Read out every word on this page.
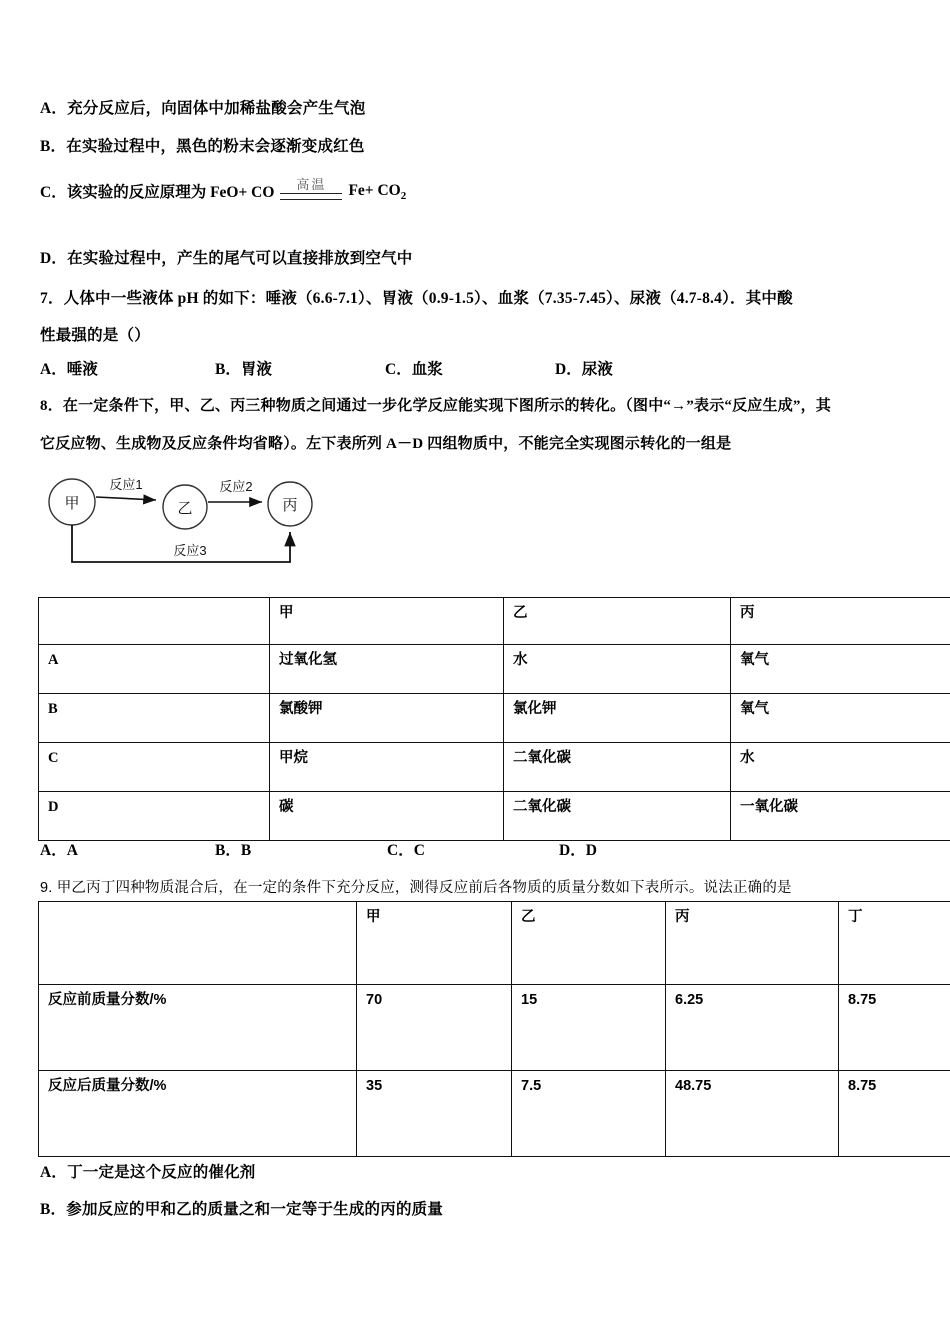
A．充分反应后，向固体中加稀盐酸会产生气泡
B．在实验过程中，黑色的粉末会逐渐变成红色
C．该实验的反应原理为 FeO+ CO 高温 $Fe+ CO_2$
D．在实验过程中，产生的尾气可以直接排放到空气中
7．人体中一些液体 pH 的如下：唾液（6.6‑7.1）、胃液（0.9‑1.5）、血浆（7.35‑7.45）、尿液（4.7‑8.4）．其中酸
性最强的是（）
A．唾液	B．胃液	C．血浆	D．尿液
8．在一定条件下，甲、乙、丙三种物质之间通过一步化学反应能实现下图所示的转化。（图中“→”表示“反应生成”，其
它反应物、生成物及反应条件均省略）。左下表所列 A－D 四组物质中，不能完全实现图示转化的一组是
甲	乙	丙
反应1	反应2
反应3
	甲	乙	丙
A	过氧化氢	水	氧气
B	氯酸钾	氯化钾	氧气
C	甲烷	二氧化碳	水
D	碳	二氧化碳	一氧化碳
A．A	B．B	C．C	D．D
9. 甲乙丙丁四种物质混合后，在一定的条件下充分反应，测得反应前后各物质的质量分数如下表所示。说法正确的是
	甲	乙	丙	丁
反应前质量分数/%	70	15	6.25	8.75
反应后质量分数/%	35	7.5	48.75	8.75
A．丁一定是这个反应的催化剂
B．参加反应的甲和乙的质量之和一定等于生成的丙的质量
